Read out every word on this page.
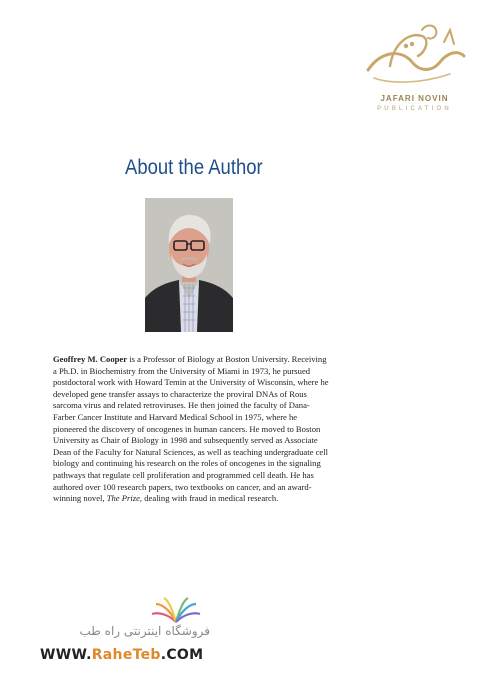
JAFARI NOVIN
PUBLICATION
About the Author

Geoffrey M. Cooper is a Professor of Biology at Boston University. Receiving a Ph.D. in Biochemistry from the University of Miami in 1973, he pursued postdoctoral work with Howard Temin at the University of Wisconsin, where he developed gene transfer assays to characterize the proviral DNAs of Rous sarcoma virus and related retroviruses. He then joined the faculty of Dana-Farber Cancer Institute and Harvard Medical School in 1975, where he pioneered the discovery of oncogenes in human cancers. He moved to Boston University as Chair of Biology in 1998 and subsequently served as Associate Dean of the Faculty for Natural Sciences, as well as teaching undergraduate cell biology and continuing his research on the roles of oncogenes in the signaling pathways that regulate cell proliferation and programmed cell death. He has authored over 100 research papers, two textbooks on cancer, and an award-winning novel, The Prize, dealing with fraud in medical research.

فروشگاه اینترنتی راه طب
WWW.RaheTeb.COM
